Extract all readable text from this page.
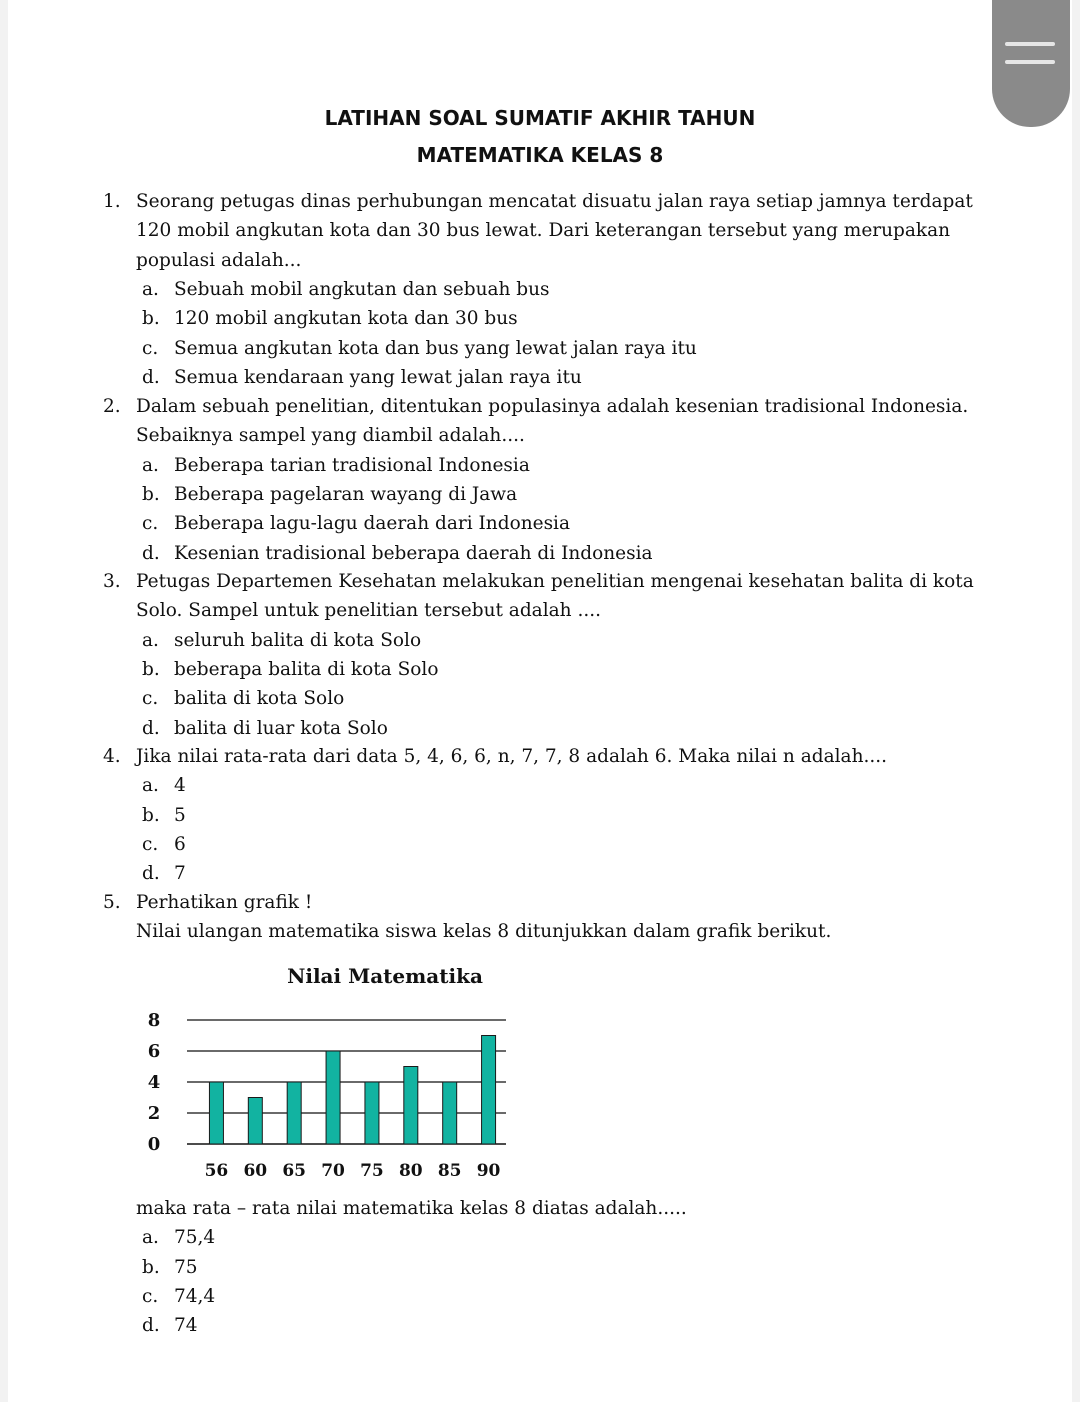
LATIHAN SOAL SUMATIF AKHIR TAHUN
MATEMATIKA KELAS 8
1. Seorang petugas dinas perhubungan mencatat disuatu jalan raya setiap jamnya terdapat
120 mobil angkutan kota dan 30 bus lewat. Dari keterangan tersebut yang merupakan
populasi adalah...
a. Sebuah mobil angkutan dan sebuah bus
b. 120 mobil angkutan kota dan 30 bus
c. Semua angkutan kota dan bus yang lewat jalan raya itu
d. Semua kendaraan yang lewat jalan raya itu
2. Dalam sebuah penelitian, ditentukan populasinya adalah kesenian tradisional Indonesia.
Sebaiknya sampel yang diambil adalah....
a. Beberapa tarian tradisional Indonesia
b. Beberapa pagelaran wayang di Jawa
c. Beberapa lagu-lagu daerah dari Indonesia
d. Kesenian tradisional beberapa daerah di Indonesia
3. Petugas Departemen Kesehatan melakukan penelitian mengenai kesehatan balita di kota
Solo. Sampel untuk penelitian tersebut adalah ....
a. seluruh balita di kota Solo
b. beberapa balita di kota Solo
c. balita di kota Solo
d. balita di luar kota Solo
4. Jika nilai rata-rata dari data 5, 4, 6, 6, n, 7, 7, 8 adalah 6. Maka nilai n adalah....
a. 4
b. 5
c. 6
d. 7
5. Perhatikan grafik !
Nilai ulangan matematika siswa kelas 8 ditunjukkan dalam grafik berikut.
maka rata – rata nilai matematika kelas 8 diatas adalah.....
a. 75,4
b. 75
c. 74,4
d. 74
Nilai Matematika
0
2
4
6
8
56 60 65 70 75 80 85 90
